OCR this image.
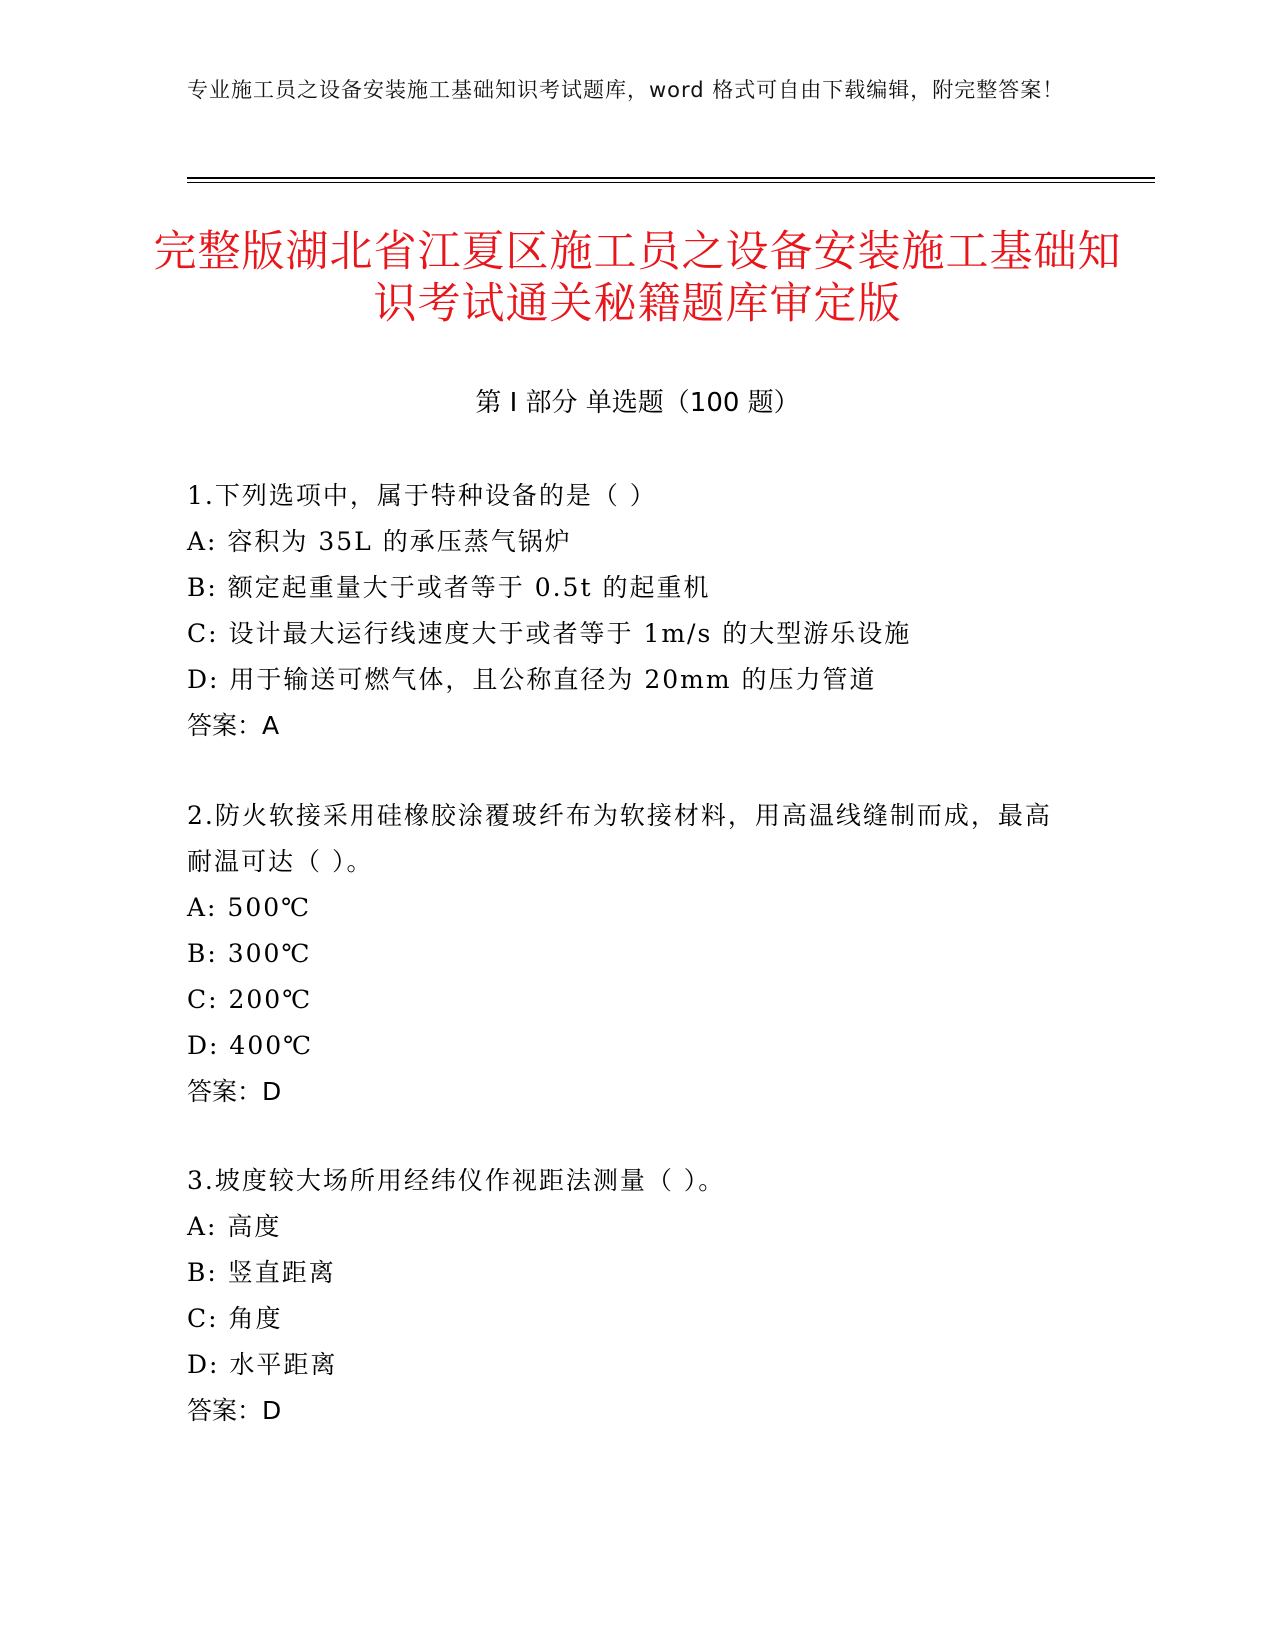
专业施工员之设备安装施工基础知识考试题库，word 格式可自由下载编辑，附完整答案！
完整版湖北省江夏区施工员之设备安装施工基础知识考试通关秘籍题库审定版
第 I 部分 单选题（100 题）

1.下列选项中，属于特种设备的是（ ）

A: 容积为 35L 的承压蒸气锅炉

B: 额定起重量大于或者等于 0.5t 的起重机

C: 设计最大运行线速度大于或者等于 1m/s 的大型游乐设施

D: 用于输送可燃气体，且公称直径为 20mm 的压力管道

答案：A

2.防火软接采用硅橡胶涂覆玻纤布为软接材料，用高温线缝制而成，最高耐温可达（ ）。

A: 500℃

B: 300℃

C: 200℃

D: 400℃

答案：D

3.坡度较大场所用经纬仪作视距法测量（ ）。

A: 高度

B: 竖直距离

C: 角度

D: 水平距离

答案：D
